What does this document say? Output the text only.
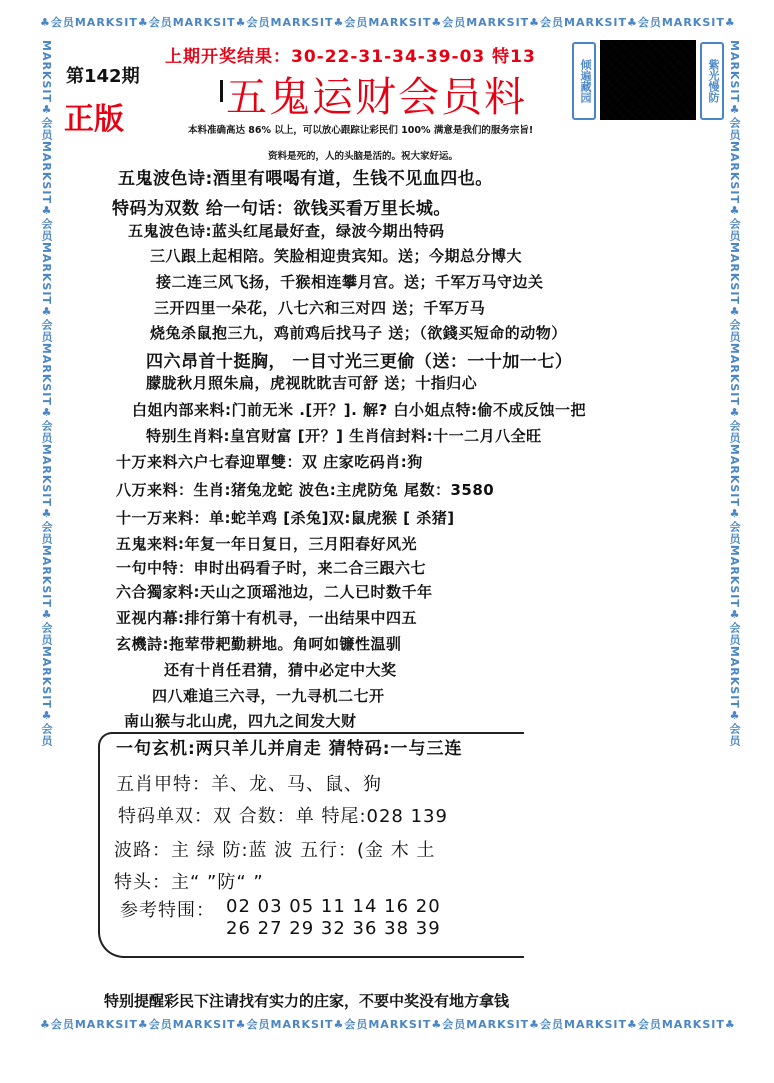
♣会员MARKSIT♣会员MARKSIT♣会员MARKSIT♣会员MARKSIT♣会员MARKSIT♣会员MARKSIT♣会员MARKSIT♣
♣会员MARKSIT♣会员MARKSIT♣会员MARKSIT♣会员MARKSIT♣会员MARKSIT♣会员MARKSIT♣会员MARKSIT♣
MARKSIT♣会员MARKSIT♣会员MARKSIT♣会员MARKSIT♣会员MARKSIT♣会员MARKSIT♣会员MARKSIT♣会员	MARKSIT♣会员MARKSIT♣会员MARKSIT♣会员MARKSIT♣会员MARKSIT♣会员MARKSIT♣会员MARKSIT♣会员
上期开奖结果：30-22-31-34-39-03 特13
第142期
正版 五鬼运财会员料	倾遍藏园	紫光慢防
本料准确高达 86% 以上，可以放心跟踪让彩民们 100% 满意是我们的服务宗旨!
资料是死的，人的头脑是活的。祝大家好运。
五鬼波色诗:酒里有喂喝有道，生钱不见血四也。
特码为双数 给一句话：欲钱买看万里长城。
五鬼波色诗:蓝头红尾最好查，绿波今期出特码
三八跟上起相陪。笑脸相迎贵宾知。送；今期总分博大
接二连三风飞扬，千猴相连攀月宫。送；千军万马守边关
三开四里一朵花，八七六和三对四 送；千军万马
烧兔杀鼠抱三九，鸡前鸡后找马子 送；（欲錢买短命的动物）
四六昂首十挺胸， 一目寸光三更偷（送：一十加一七）
朦胧秋月照朱扁，虎视眈眈吉可舒 送；十指归心
白姐内部来料:门前无米 .[开？]. 解? 白小姐点特:偷不成反蚀一把
特别生肖料:皇宫财富 [开？] 生肖信封料:十一二月八全旺
十万来料六户七春迎單雙：双 庄家吃码肖:狗
八万来料：生肖:猪兔龙蛇 波色:主虎防兔 尾数：3580
十一万来料：单:蛇羊鸡 [杀兔]双:鼠虎猴 [ 杀猪]
五鬼来料:年复一年日复日，三月阳春好风光
一句中特：申时出码看子时，来二合三跟六七
六合獨家料:天山之顶瑶池边，二人已时数千年
亚视内幕:排行第十有机寻，一出结果中四五
玄機詩:拖荤带耙勤耕地。角呵如镰性温驯
还有十肖任君猜，猜中必定中大奖
四八难追三六寻，一九寻机二七开
南山猴与北山虎，四九之间发大财
一句玄机:两只羊儿并肩走 猜特码:一与三连
五肖甲特：羊、龙、马、鼠、狗
特码单双：双 合数：单 特尾:028 139
波路：主 绿 防:蓝 波 五行：(金 木 土
特头：主“ ”防“ ”
参考特围： 02 03 05 11 14 16 20
26 27 29 32 36 38 39
特别提醒彩民下注请找有实力的庄家，不要中奖没有地方拿钱
